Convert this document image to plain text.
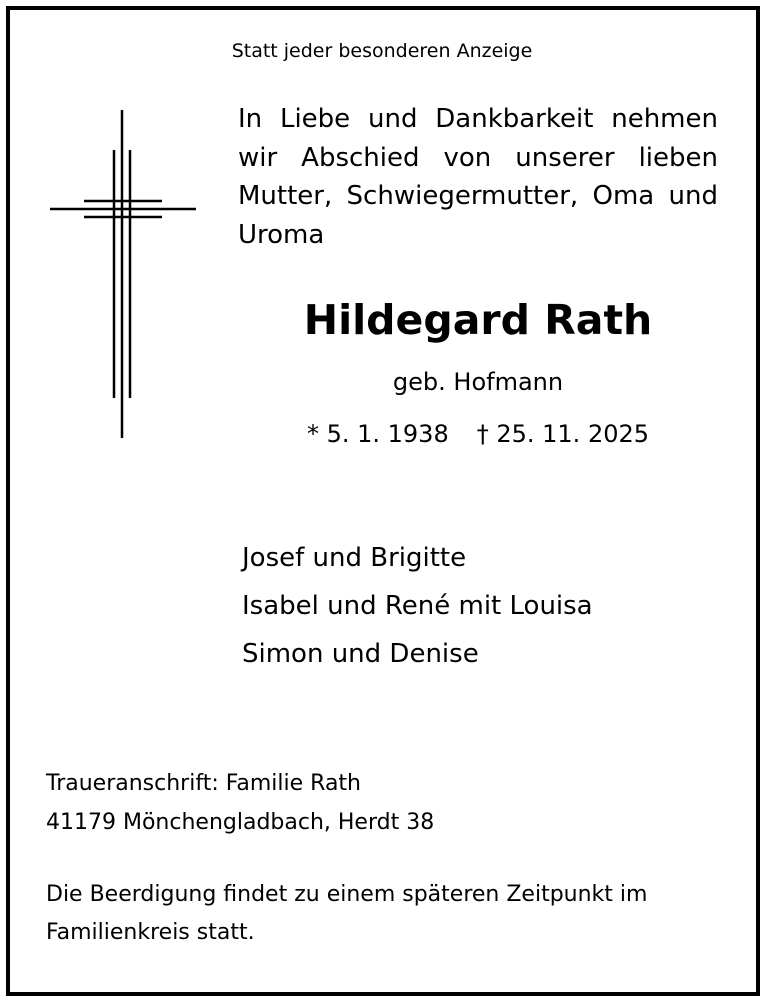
Statt jeder besonderen Anzeige
In Liebe und Dankbarkeit nehmen
wir Abschied von unserer lieben
Mutter, Schwiegermutter, Oma und
Uroma
Hildegard Rath
geb. Hofmann
* 5. 1. 1938 † 25. 11. 2025
Josef und Brigitte
Isabel und René mit Louisa
Simon und Denise
Traueranschrift: Familie Rath
41179 Mönchengladbach, Herdt 38
Die Beerdigung findet zu einem späteren Zeitpunkt im Familienkreis statt.
